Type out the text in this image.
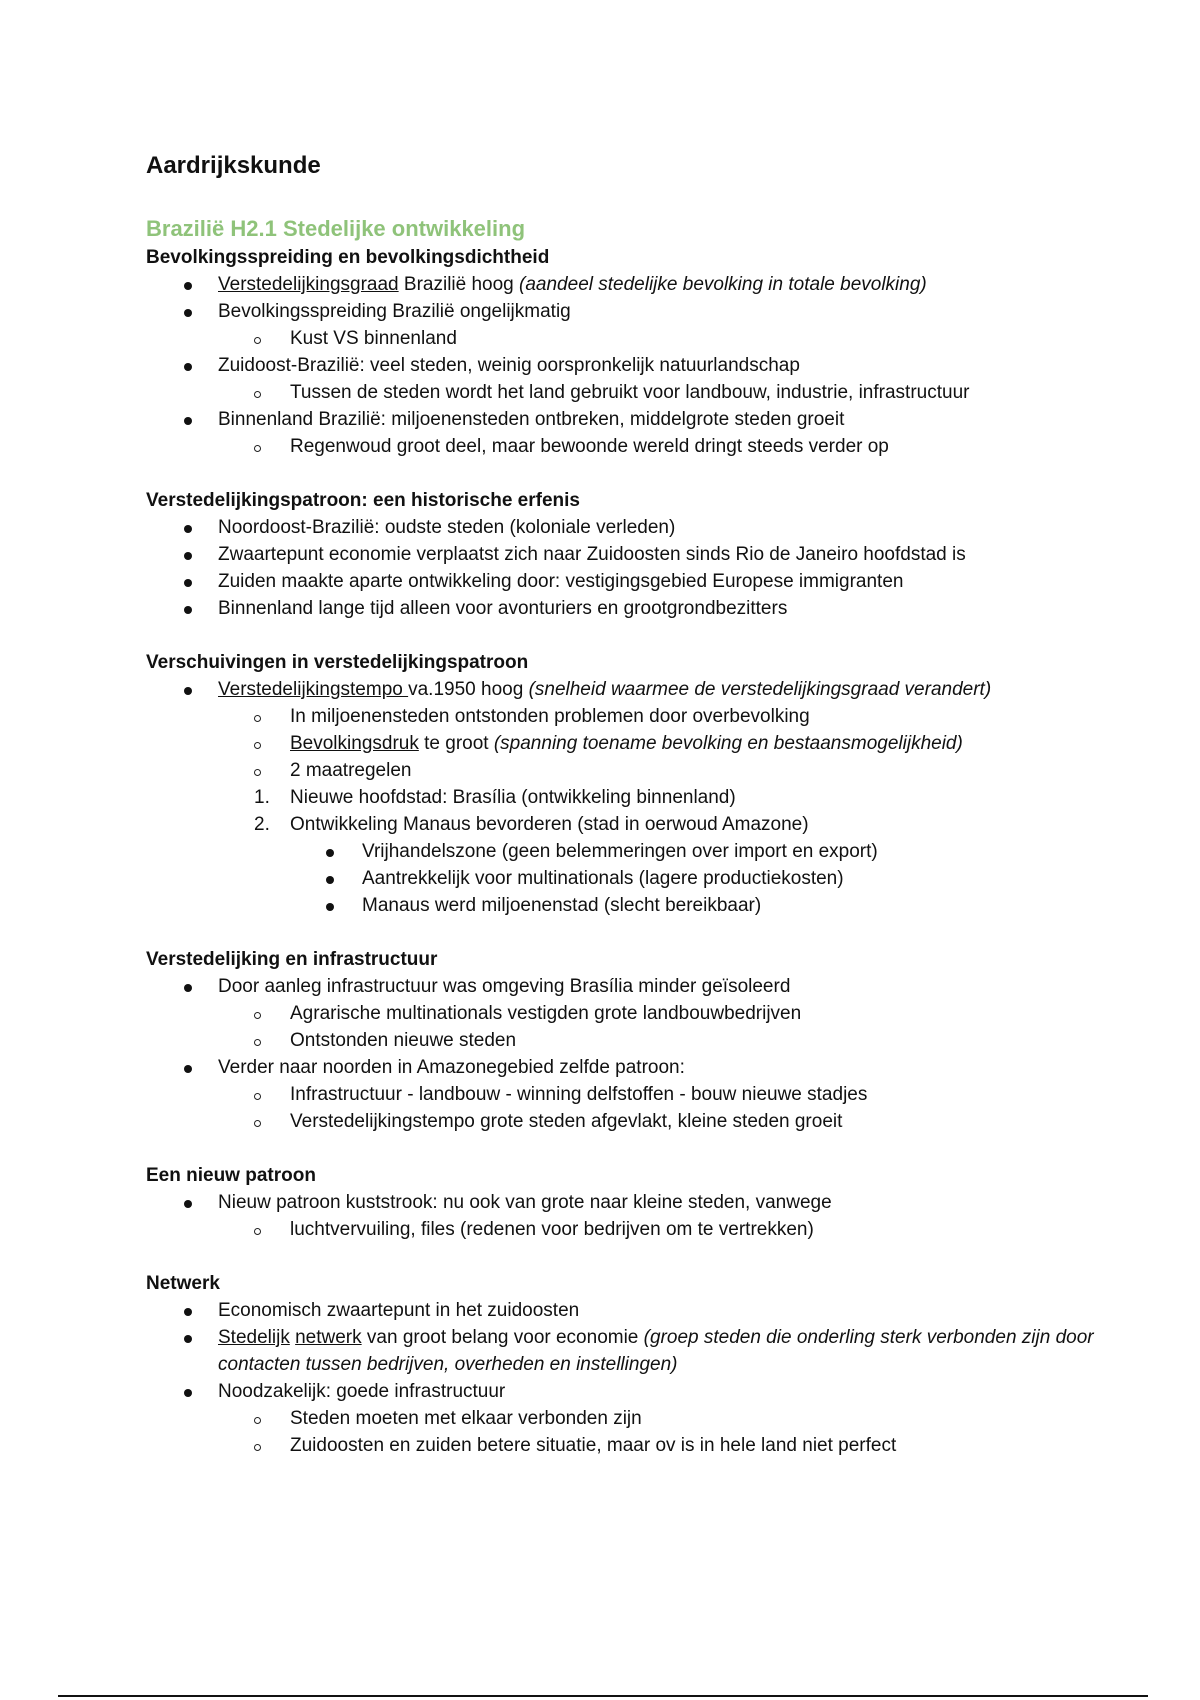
Aardrijkskunde
Brazilië H2.1 Stedelijke ontwikkeling
Bevolkingsspreiding en bevolkingsdichtheid
Verstedelijkingsgraad Brazilië hoog (aandeel stedelijke bevolking in totale bevolking)
Bevolkingsspreiding Brazilië ongelijkmatig
Kust VS binnenland
Zuidoost-Brazilië: veel steden, weinig oorspronkelijk natuurlandschap
Tussen de steden wordt het land gebruikt voor landbouw, industrie, infrastructuur
Binnenland Brazilië: miljoenensteden ontbreken, middelgrote steden groeit
Regenwoud groot deel, maar bewoonde wereld dringt steeds verder op
Verstedelijkingspatroon: een historische erfenis
Noordoost-Brazilië: oudste steden (koloniale verleden)
Zwaartepunt economie verplaatst zich naar Zuidoosten sinds Rio de Janeiro hoofdstad is
Zuiden maakte aparte ontwikkeling door: vestigingsgebied Europese immigranten
Binnenland lange tijd alleen voor avonturiers en grootgrondbezitters
Verschuivingen in verstedelijkingspatroon
Verstedelijkingstempo va.1950 hoog (snelheid waarmee de verstedelijkingsgraad verandert)
In miljoenensteden ontstonden problemen door overbevolking
Bevolkingsdruk te groot (spanning toename bevolking en bestaansmogelijkheid)
2 maatregelen
1. Nieuwe hoofdstad: Brasília (ontwikkeling binnenland)
2. Ontwikkeling Manaus bevorderen (stad in oerwoud Amazone)
Vrijhandelszone (geen belemmeringen over import en export)
Aantrekkelijk voor multinationals (lagere productiekosten)
Manaus werd miljoenenstad (slecht bereikbaar)
Verstedelijking en infrastructuur
Door aanleg infrastructuur was omgeving Brasília minder geïsoleerd
Agrarische multinationals vestigden grote landbouwbedrijven
Ontstonden nieuwe steden
Verder naar noorden in Amazonegebied zelfde patroon:
Infrastructuur - landbouw - winning delfstoffen - bouw nieuwe stadjes
Verstedelijkingstempo grote steden afgevlakt, kleine steden groeit
Een nieuw patroon
Nieuw patroon kuststrook: nu ook van grote naar kleine steden, vanwege
luchtvervuiling, files (redenen voor bedrijven om te vertrekken)
Netwerk
Economisch zwaartepunt in het zuidoosten
Stedelijk netwerk van groot belang voor economie (groep steden die onderling sterk verbonden zijn door contacten tussen bedrijven, overheden en instellingen)
Noodzakelijk: goede infrastructuur
Steden moeten met elkaar verbonden zijn
Zuidoosten en zuiden betere situatie, maar ov is in hele land niet perfect
